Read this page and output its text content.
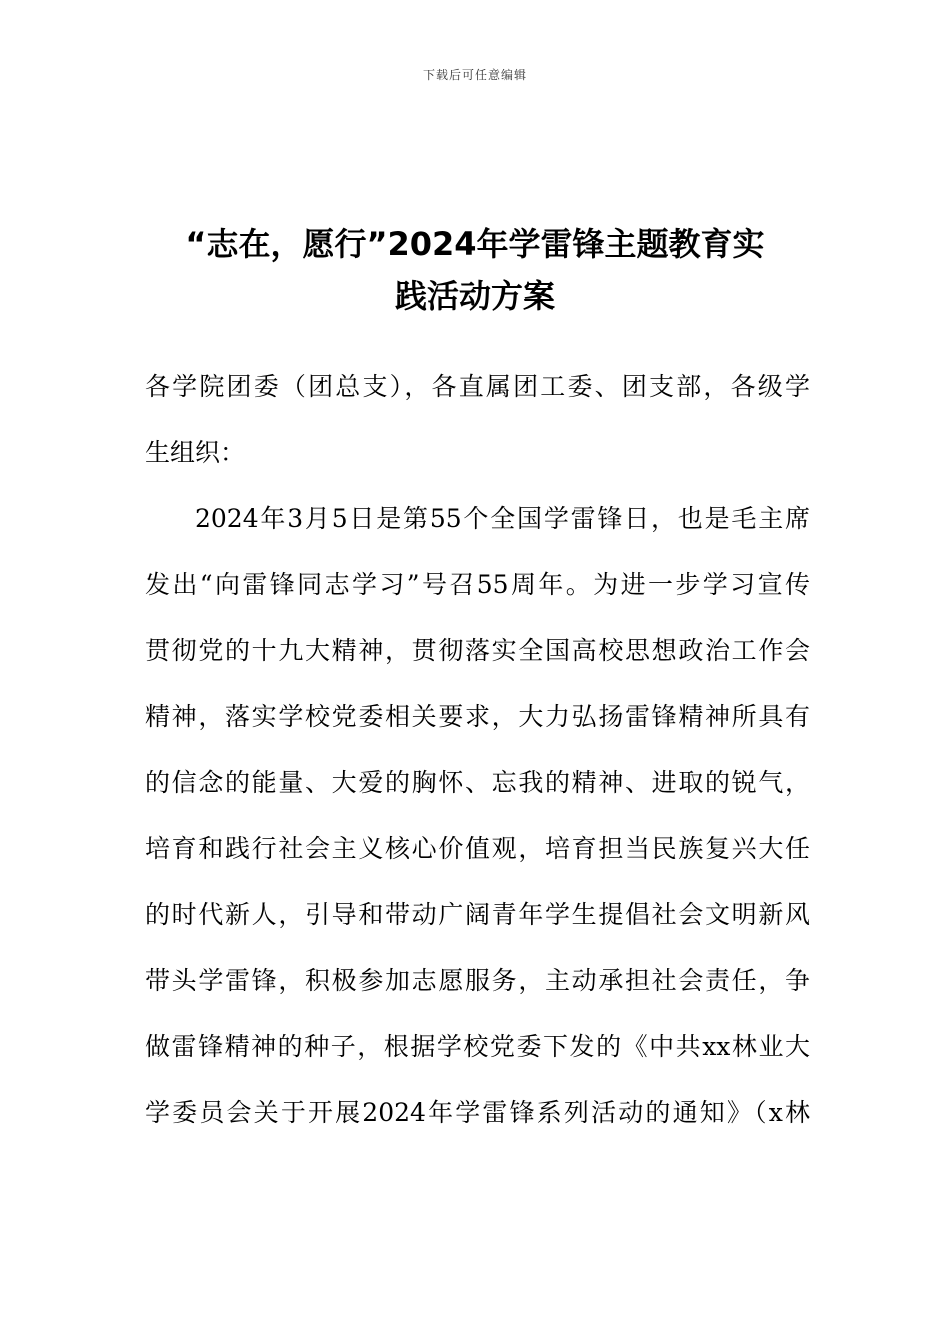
下载后可任意编辑
“志在，愿行”2024年学雷锋主题教育实
践活动方案
各学院团委（团总支），各直属团工委、团支部，各级学
生组织：
2024年3月5日是第55个全国学雷锋日，也是毛主席
发出“向雷锋同志学习”号召55周年。为进一步学习宣传
贯彻党的十九大精神，贯彻落实全国高校思想政治工作会
精神，落实学校党委相关要求，大力弘扬雷锋精神所具有
的信念的能量、大爱的胸怀、忘我的精神、进取的锐气，
培育和践行社会主义核心价值观，培育担当民族复兴大任
的时代新人，引导和带动广阔青年学生提倡社会文明新风
带头学雷锋，积极参加志愿服务，主动承担社会责任，争
做雷锋精神的种子，根据学校党委下发的《中共xx林业大
学委员会关于开展2024年学雷锋系列活动的通知》（x林
